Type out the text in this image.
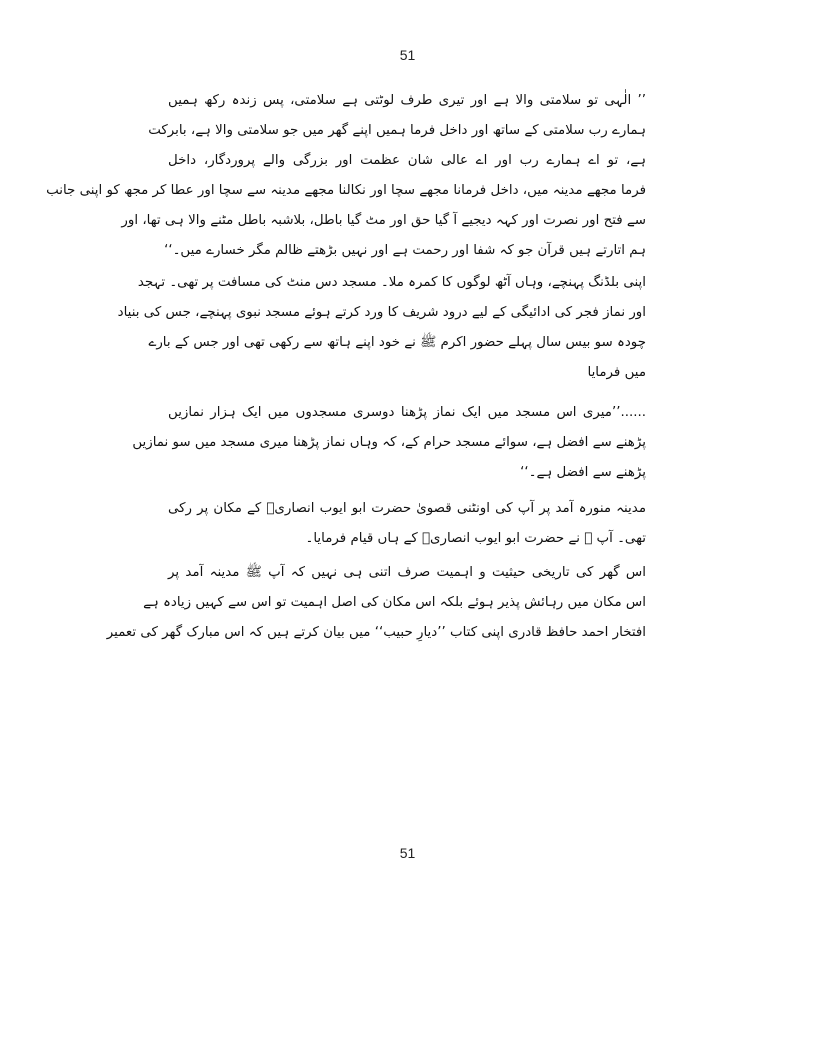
51
’’ الٰہی تو سلامتی والا ہے اور تیری طرف لوٹتی ہے سلامتی، پس زندہ رکھ ہمیں
ہمارے رب سلامتی کے ساتھ اور داخل فرما ہمیں اپنے گھر میں جو سلامتی والا ہے، بابرکت
ہے، تو اے ہمارے رب اور اے عالی شان عظمت اور بزرگی والے پروردگار، داخل
فرما مجھے مدینہ میں، داخل فرمانا مجھے سچا اور نکالنا مجھے مدینہ سے سچا اور عطا کر مجھ کو اپنی جانب
سے فتح اور نصرت اور کہہ دیجیے آ گیا حق اور مٹ گیا باطل، بلاشبہ باطل مٹنے والا ہی تھا، اور
ہم اتارتے ہیں قرآن جو کہ شفا اور رحمت ہے اور نہیں بڑھتے ظالم مگر خسارے میں۔‘‘
اپنی بلڈنگ پہنچے، وہاں آٹھ لوگوں کا کمرہ ملا۔ مسجد دس منٹ کی مسافت پر تھی۔ تہجد
اور نماز فجر کی ادائیگی کے لیے درود شریف کا ورد کرتے ہوئے مسجد نبوی پہنچے، جس کی بنیاد
چودہ سو بیس سال پہلے حضور اکرم ﷺ نے خود اپنے ہاتھ سے رکھی تھی اور جس کے بارے
میں فرمایا
......’’میری اس مسجد میں ایک نماز پڑھنا دوسری مسجدوں میں ایک ہزار نمازیں
پڑھنے سے افضل ہے، سوائے مسجد حرام کے، کہ وہاں نماز پڑھنا میری مسجد میں سو نمازیں
پڑھنے سے افضل ہے۔‘‘
مدینہ منورہ آمد پر آپ کی اونٹنی قصویٰ حضرت ابو ایوب انصاریؓ کے مکان پر رکی
تھی۔ آپ ﷺ نے حضرت ابو ایوب انصاریؓ کے ہاں قیام فرمایا۔
اس گھر کی تاریخی حیثیت و اہمیت صرف اتنی ہی نہیں کہ آپ ﷺ مدینہ آمد پر
اس مکان میں رہائش پذیر ہوئے بلکہ اس مکان کی اصل اہمیت تو اس سے کہیں زیادہ ہے
افتخار احمد حافظ قادری اپنی کتاب ’’دیارِ حبیب‘‘ میں بیان کرتے ہیں کہ اس مبارک گھر کی تعمیر
51
